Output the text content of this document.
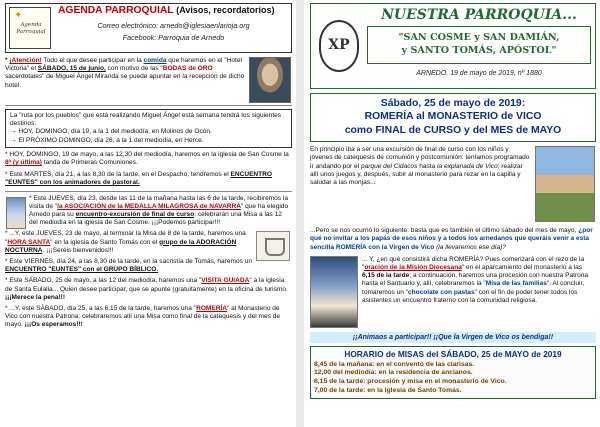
✦
Agenda Parroquial
AGENDA PARROQUIAL (Avisos, recordatorios)
Correo electrónico: arnedo@iglesiaenlarioja.org
Facebook: Parroquia de Arnedo
* ¡Atención! Todo el que desee participar en la comida que haremos en el "Hotel Victoria" el SÁBADO, 15 de junio, con motivo de las "BODAS de ORO sacerdotales" de Miguel Ángel Miranda se puede apuntar en la recepción de dicho hotel.
La "ruta por los pueblos" que está realizando Miguel Ángel está semana tendrá los siguientes destinos:
→ HOY, DOMINGO, día 19, a la 1 del mediodía, en Molinos de Ocón.
→ El PRÓXIMO DOMINGO, día 26, a la 1 del mediodía, en Herce.
* HOY, DOMINGO, 19 de mayo, a las 12,30 del mediodía, haremos en la iglesia de San Cosme la 8ª (y última) tanda de Primeras Comuniones.
* Este MARTES, día 21, a las 8,30 de la tarde, en el Despacho, tendremos el ENCUENTRO "EUNTES" con los animadores de pastoral.
* Este JUEVES, día 23, desde las 11 de la mañana hasta las 6 de la tarde, recibiremos la visita de "la ASOCIACIÓN de la MEDALLA MILAGROSA de NAVARRA" que ha elegido Arnedo para su encuentro-excursión de final de curso: celebrarán una Misa a las 12 del mediodía en la iglesia de San Cosme. ¡¡¡Podemos participar!!!
* ...Y, este JUEVES, 23 de mayo, al terminar la Misa de 8 de la tarde, haremos una "HORA SANTA" en la iglesia de Santo Tomás con el grupo de la ADORACIÓN NOCTURNA. ¡¡¡Seréis bienvenidos!!!
* Este VIERNES, día 24, a las 8,30 de la tarde, en la sacristía de Tomás, haremos un ENCUENTRO "EUNTES" con el GRUPO BÍBLICO.
* Este SÁBADO, 25 de mayo, a las 12 del mediodía, haremos una "VISITA GUIADA" a la iglesia de Santa Eulalia... Quien desee participar, que se apunte (gratuitamente) en la oficina de turismo. ¡¡¡Merece la pena!!!
* ...Y, este SÁBADO, día 25, a las 6,15 de la tarde, haremos una "ROMERÍA" al Monasterio de Vico con nuestra Patrona: celebraremos allí una Misa como final de la catequesis y del mes de mayo. ¡¡¡Os esperamos!!!
XP
NUESTRA PARROQUIA...
"SAN COSME y SAN DAMIÁN,
y SANTO TOMÁS, APÓSTOL"
ARNEDO, 19 de mayo de 2019, nº 1880
Sábado, 25 de mayo de 2019:
ROMERÍA al MONASTERIO de VICO
como FINAL de CURSO y del MES de MAYO
En principio iba a ser una excursión de final de curso con los niños y jóvenes de catequesis de comunión y postcomunión: teníamos programado ir andando por el parque del Cidacos hasta la explanada de Vico; realizar allí unos juegos y, después, subir al monasterio para rezar en la capilla y saludar a las monjas...
...Pero se nos ocurrió lo siguiente: basta que es también el último sábado del mes de mayo, ¿por qué no invitar a los papás de esos niños y a todos los arnedanos que queráis venir a esta sencilla ROMERÍA con la Virgen de Vico (la llevaremos ese día)?
... Y, ¿en qué consistirá dicha ROMERÍA? Pues comenzará con el rezo de la "oración de la Misión Diocesana" en el aparcamiento del monasterio a las 6,15 de la tarde; a continuación, haremos una procesión con nuestra Patrona hasta el Santuario y, allí, celebraremos la "Misa de las familias". Al concluir, tomaremos un "chocolate con pastas" con el fin de poder tener todos los asistentes un encuentro fraterno con la comunidad religiosa.
¡¡Animaos a participar!! ¡¡Que la Virgen de Vico os bendiga!!
HORARIO de MISAS del SÁBADO, 25 de MAYO de 2019
8,45 de la mañana: en el convento de las clarisas.
12,00 del mediodía: en la residencia de ancianos.
6,15 de la tarde: procesión y misa en el monasterio de Vico.
7,00 de la tarde: en la iglesia de Santo Tomás.
